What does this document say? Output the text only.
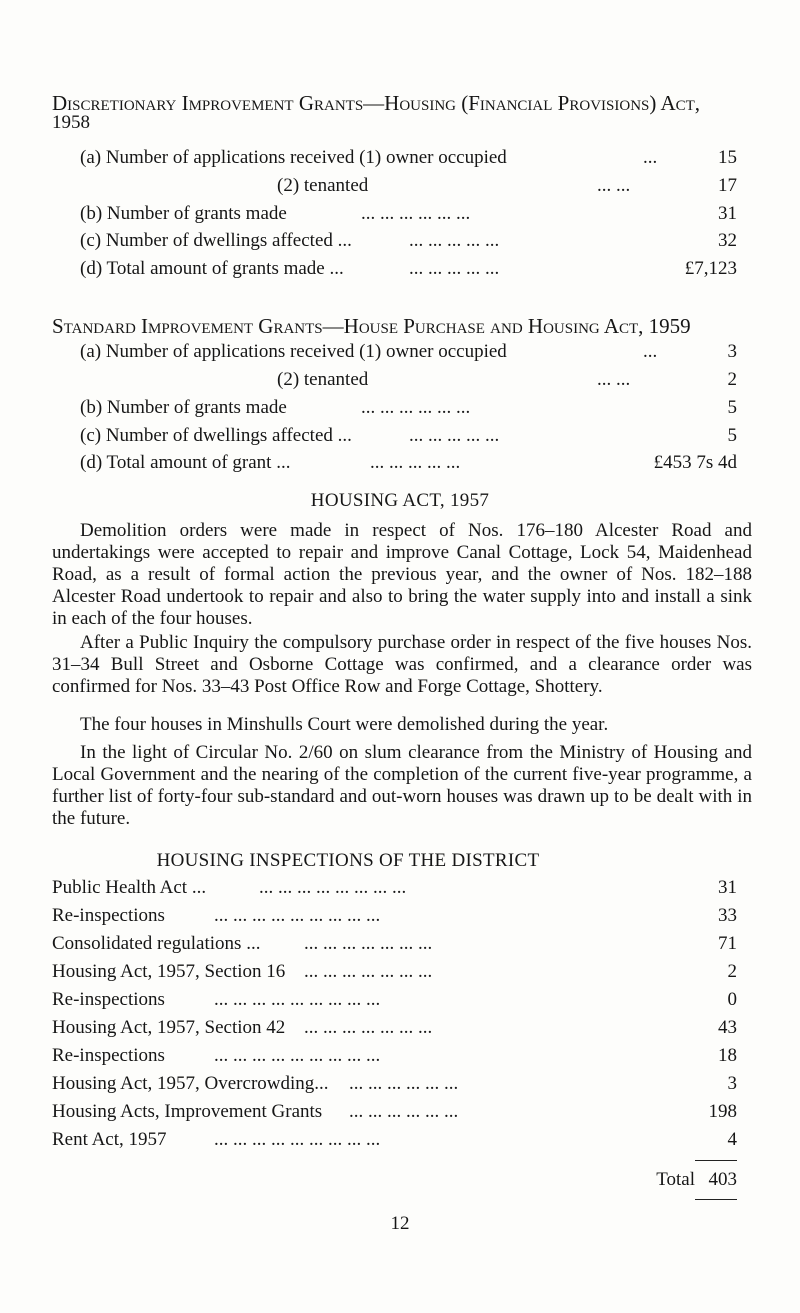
Discretionary Improvement Grants—Housing (Financial Provisions) Act,
1958
(a) Number of applications received (1) owner occupied	...	15
(2) tenanted	... ...	17
(b) Number of grants made	... ... ... ... ... ...	31
(c) Number of dwellings affected ...	... ... ... ... ...	32
(d) Total amount of grants made ...	... ... ... ... ...	£7,123
Standard Improvement Grants—House Purchase and Housing Act, 1959
(a) Number of applications received (1) owner occupied	...	3
(2) tenanted	... ...	2
(b) Number of grants made	... ... ... ... ... ...	5
(c) Number of dwellings affected ...	... ... ... ... ...	5
(d) Total amount of grant ...	... ... ... ... ...	£453 7s 4d
HOUSING ACT, 1957

Demolition orders were made in respect of Nos. 176–180 Alcester Road and undertakings were accepted to repair and improve Canal Cottage, Lock 54, Maidenhead Road, as a result of formal action the previous year, and the owner of Nos. 182–188 Alcester Road undertook to repair and also to bring the water supply into and install a sink in each of the four houses.

After a Public Inquiry the compulsory purchase order in respect of the five houses Nos. 31–34 Bull Street and Osborne Cottage was confirmed, and a clearance order was confirmed for Nos. 33–43 Post Office Row and Forge Cottage, Shottery.

The four houses in Minshulls Court were demolished during the year.

In the light of Circular No. 2/60 on slum clearance from the Ministry of Housing and Local Government and the nearing of the completion of the current five-year programme, a further list of forty-four sub-standard and out-worn houses was drawn up to be dealt with in the future.

HOUSING INSPECTIONS OF THE DISTRICT
Public Health Act ...	... ... ... ... ... ... ... ...	31
Re-inspections	... ... ... ... ... ... ... ... ...	33
Consolidated regulations ... ... ... ... ... ... ... ...	71
Housing Act, 1957, Section 16 ... ... ... ... ... ... ...	2
Re-inspections	... ... ... ... ... ... ... ... ...	0
Housing Act, 1957, Section 42 ... ... ... ... ... ... ...	43
Re-inspections	... ... ... ... ... ... ... ... ...	18
Housing Act, 1957, Overcrowding... ... ... ... ... ... ...	3
Housing Acts, Improvement Grants ... ... ... ... ... ...	198
Rent Act, 1957 ... ... ... ... ... ... ... ... ...	4
Total 403
12
